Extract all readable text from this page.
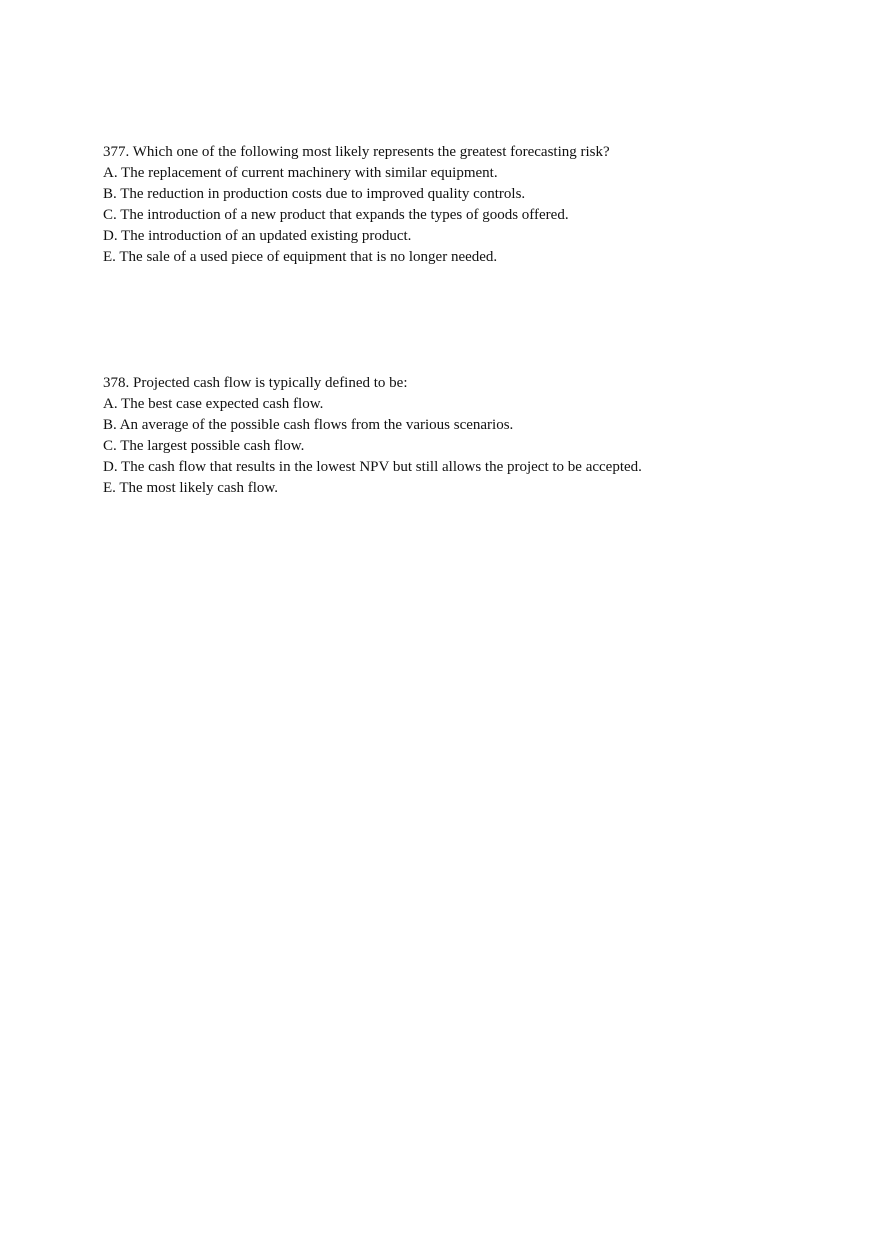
377. Which one of the following most likely represents the greatest forecasting risk?
A. The replacement of current machinery with similar equipment.
B. The reduction in production costs due to improved quality controls.
C. The introduction of a new product that expands the types of goods offered.
D. The introduction of an updated existing product.
E. The sale of a used piece of equipment that is no longer needed.
378. Projected cash flow is typically defined to be:
A. The best case expected cash flow.
B. An average of the possible cash flows from the various scenarios.
C. The largest possible cash flow.
D. The cash flow that results in the lowest NPV but still allows the project to be accepted.
E. The most likely cash flow.
